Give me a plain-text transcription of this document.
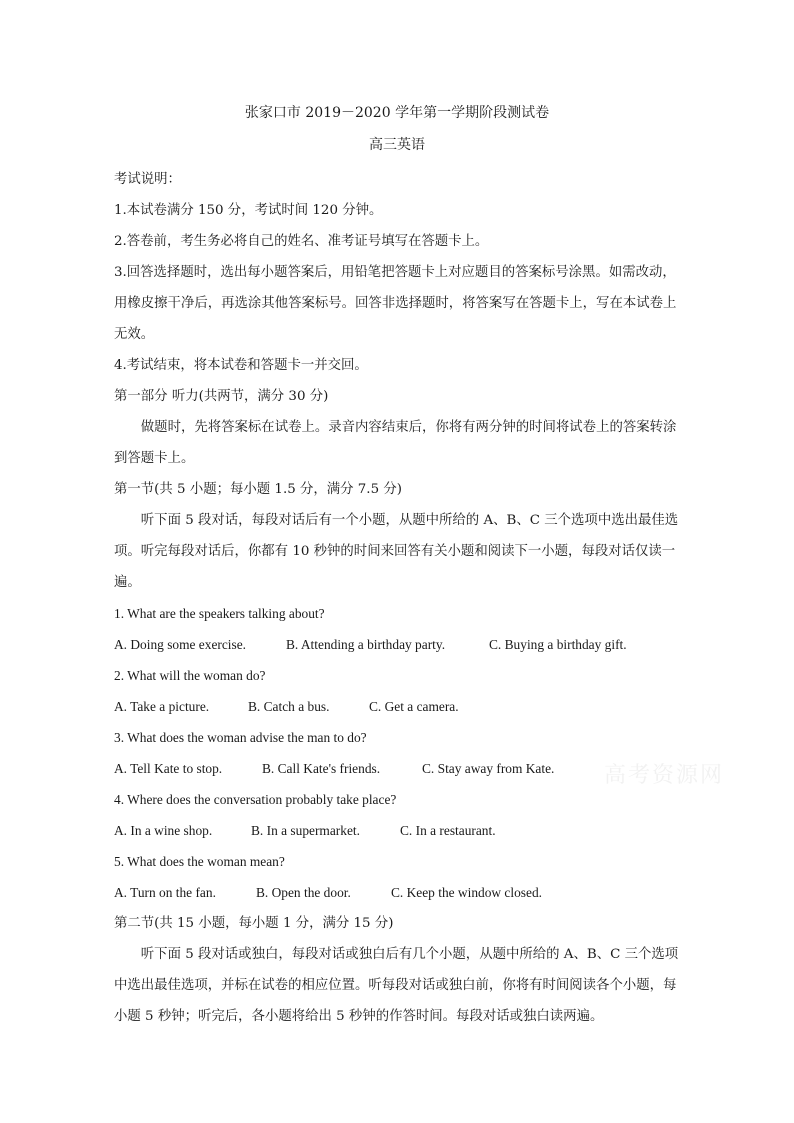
张家口市 2019－2020 学年第一学期阶段测试卷
高三英语
考试说明：
1.本试卷满分 150 分，考试时间 120 分钟。
2.答卷前，考生务必将自己的姓名、准考证号填写在答题卡上。
3.回答选择题时，选出每小题答案后，用铅笔把答题卡上对应题目的答案标号涂黑。如需改动，用橡皮擦干净后，再选涂其他答案标号。回答非选择题时，将答案写在答题卡上，写在本试卷上无效。
4.考试结束，将本试卷和答题卡一并交回。
第一部分 听力(共两节，满分 30 分)
做题时，先将答案标在试卷上。录音内容结束后，你将有两分钟的时间将试卷上的答案转涂到答题卡上。
第一节(共 5 小题；每小题 1.5 分，满分 7.5 分)
听下面 5 段对话，每段对话后有一个小题，从题中所给的 A、B、C 三个选项中选出最佳选项。听完每段对话后，你都有 10 秒钟的时间来回答有关小题和阅读下一小题，每段对话仅读一遍。
1. What are the speakers talking about?
A. Doing some exercise.	B. Attending a birthday party.	C. Buying a birthday gift.
2. What will the woman do?
A. Take a picture.	B. Catch a bus.	C. Get a camera.
3. What does the woman advise the man to do?
A. Tell Kate to stop.	B. Call Kate's friends.	C. Stay away from Kate.
4. Where does the conversation probably take place?
A. In a wine shop.	B. In a supermarket.	C. In a restaurant.
5. What does the woman mean?
A. Turn on the fan.	B. Open the door.	C. Keep the window closed.
第二节(共 15 小题，每小题 1 分，满分 15 分)
听下面 5 段对话或独白，每段对话或独白后有几个小题，从题中所给的 A、B、C 三个选项中选出最佳选项，并标在试卷的相应位置。听每段对话或独白前，你将有时间阅读各个小题，每小题 5 秒钟；听完后，各小题将给出 5 秒钟的作答时间。每段对话或独白读两遍。
高考资源网
